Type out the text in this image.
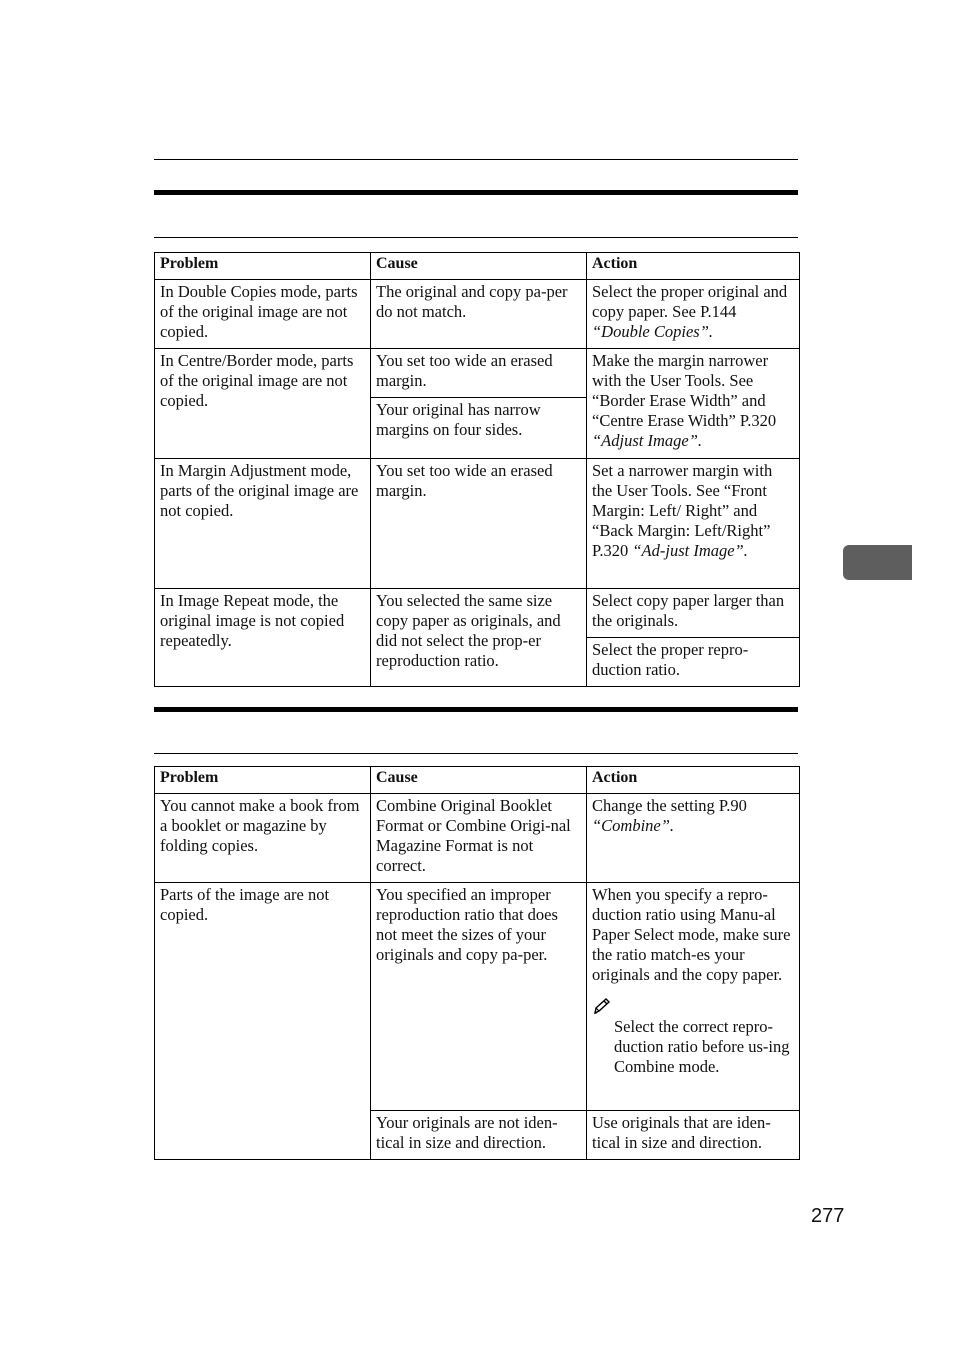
Problem	Cause	Action
In Double Copies mode, parts of the original image are not copied.	The original and copy pa-per do not match.	Select the proper original and copy paper. See P.144 “Double Copies”.
In Centre/Border mode, parts of the original image are not copied.	You set too wide an erased margin.	Make the margin narrower with the User Tools. See “Border Erase Width” and “Centre Erase Width” P.320 “Adjust Image”.
	Your original has narrow margins on four sides.	
In Margin Adjustment mode, parts of the original image are not copied.	You set too wide an erased margin.	Set a narrower margin with the User Tools. See “Front Margin: Left/ Right” and “Back Margin: Left/Right” P.320 “Ad-just Image”.
In Image Repeat mode, the original image is not copied repeatedly.	You selected the same size copy paper as originals, and did not select the prop-er reproduction ratio.	Select copy paper larger than the originals.
		Select the proper repro-duction ratio.
Problem	Cause	Action
You cannot make a book from a booklet or magazine by folding copies.	Combine Original Booklet Format or Combine Origi-nal Magazine Format is not correct.	Change the setting P.90
“Combine”.
Parts of the image are not copied.	You specified an improper reproduction ratio that does not meet the sizes of your originals and copy pa-per.	When you specify a repro-duction ratio using Manu-al Paper Select mode, make sure the ratio match-es your originals and the copy paper.
Select the correct repro-duction ratio before us-ing Combine mode.

	Your originals are not iden-tical in size and direction.	Use originals that are iden-tical in size and direction.
277
